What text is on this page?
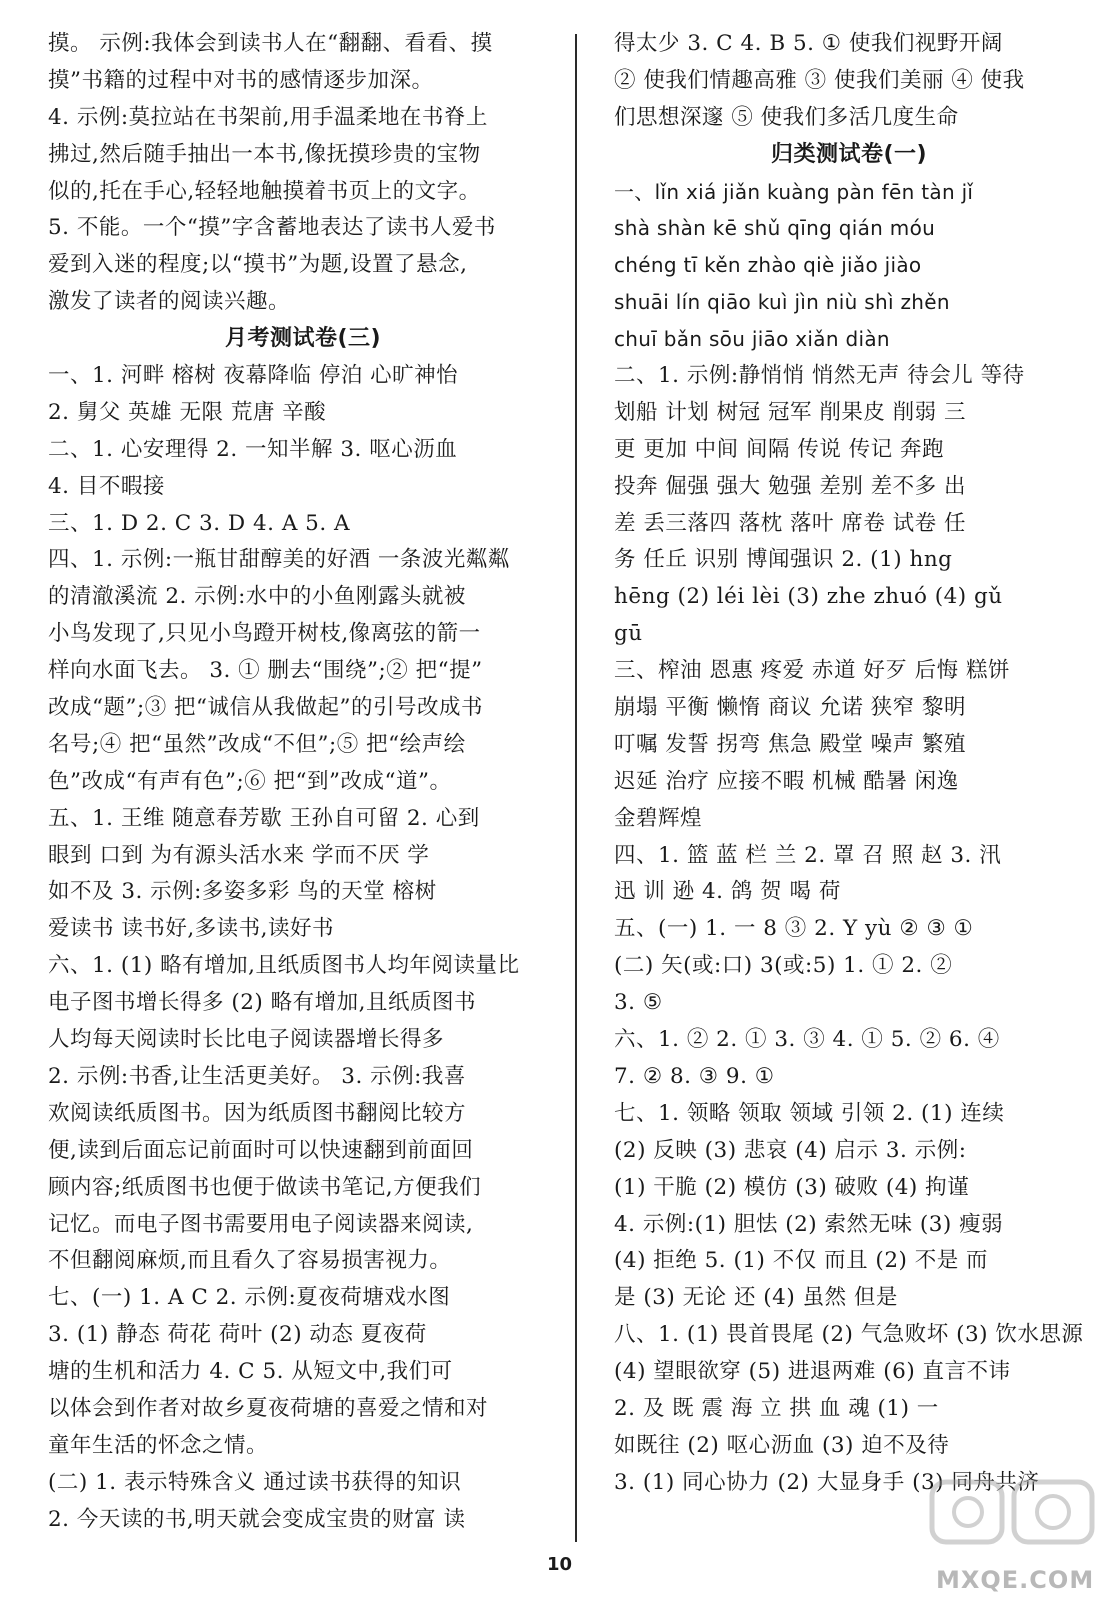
摸。 示例:我体会到读书人在“翻翻、看看、摸
摸”书籍的过程中对书的感情逐步加深。
4. 示例:莫拉站在书架前,用手温柔地在书脊上
拂过,然后随手抽出一本书,像抚摸珍贵的宝物
似的,托在手心,轻轻地触摸着书页上的文字。
5. 不能。一个“摸”字含蓄地表达了读书人爱书
爱到入迷的程度;以“摸书”为题,设置了悬念,
激发了读者的阅读兴趣。
月考测试卷(三)
一、1. 河畔 榕树 夜幕降临 停泊 心旷神怡
2. 舅父 英雄 无限 荒唐 辛酸
二、1. 心安理得 2. 一知半解 3. 呕心沥血
4. 目不暇接
三、1. D 2. C 3. D 4. A 5. A
四、1. 示例:一瓶甘甜醇美的好酒 一条波光粼粼
的清澈溪流 2. 示例:水中的小鱼刚露头就被
小鸟发现了,只见小鸟蹬开树枝,像离弦的箭一
样向水面飞去。 3. ① 删去“围绕”;② 把“提”
改成“题”;③ 把“诚信从我做起”的引号改成书
名号;④ 把“虽然”改成“不但”;⑤ 把“绘声绘
色”改成“有声有色”;⑥ 把“到”改成“道”。
五、1. 王维 随意春芳歇 王孙自可留 2. 心到
眼到 口到 为有源头活水来 学而不厌 学
如不及 3. 示例:多姿多彩 鸟的天堂 榕树
爱读书 读书好,多读书,读好书
六、1. (1) 略有增加,且纸质图书人均年阅读量比
电子图书增长得多 (2) 略有增加,且纸质图书
人均每天阅读时长比电子阅读器增长得多
2. 示例:书香,让生活更美好。 3. 示例:我喜
欢阅读纸质图书。因为纸质图书翻阅比较方
便,读到后面忘记前面时可以快速翻到前面回
顾内容;纸质图书也便于做读书笔记,方便我们
记忆。而电子图书需要用电子阅读器来阅读,
不但翻阅麻烦,而且看久了容易损害视力。
七、(一) 1. A C 2. 示例:夏夜荷塘戏水图
3. (1) 静态 荷花 荷叶 (2) 动态 夏夜荷
塘的生机和活力 4. C 5. 从短文中,我们可
以体会到作者对故乡夏夜荷塘的喜爱之情和对
童年生活的怀念之情。
(二) 1. 表示特殊含义 通过读书获得的知识
2. 今天读的书,明天就会变成宝贵的财富 读
得太少 3. C 4. B 5. ① 使我们视野开阔
② 使我们情趣高雅 ③ 使我们美丽 ④ 使我
们思想深邃 ⑤ 使我们多活几度生命
归类测试卷(一)
一、lǐn xiá jiǎn kuàng pàn fēn tàn jǐ
shà shàn kē shǔ qīng qián móu
chéng tī kěn zhào qiè jiǎo jiào
shuāi lín qiāo kuì jìn niù shì zhěn
chuī bǎn sōu jiāo xiǎn diàn
二、1. 示例:静悄悄 悄然无声 待会儿 等待
划船 计划 树冠 冠军 削果皮 削弱 三
更 更加 中间 间隔 传说 传记 奔跑
投奔 倔强 强大 勉强 差别 差不多 出
差 丢三落四 落枕 落叶 席卷 试卷 任
务 任丘 识别 博闻强识 2. (1) hng
hēng (2) léi lèi (3) zhe zhuó (4) gǔ
gū
三、榨油 恩惠 疼爱 赤道 好歹 后悔 糕饼
崩塌 平衡 懒惰 商议 允诺 狭窄 黎明
叮嘱 发誓 拐弯 焦急 殿堂 噪声 繁殖
迟延 治疗 应接不暇 机械 酷暑 闲逸
金碧辉煌
四、1. 篮 蓝 栏 兰 2. 罩 召 照 赵 3. 汛
迅 训 逊 4. 鸽 贺 喝 荷
五、(一) 1. 一 8 ③ 2. Y yù ② ③ ①
(二) 矢(或:口) 3(或:5) 1. ① 2. ②
3. ⑤
六、1. ② 2. ① 3. ③ 4. ① 5. ② 6. ④
7. ② 8. ③ 9. ①
七、1. 领略 领取 领域 引领 2. (1) 连续
(2) 反映 (3) 悲哀 (4) 启示 3. 示例:
(1) 干脆 (2) 模仿 (3) 破败 (4) 拘谨
4. 示例:(1) 胆怯 (2) 索然无味 (3) 瘦弱
(4) 拒绝 5. (1) 不仅 而且 (2) 不是 而
是 (3) 无论 还 (4) 虽然 但是
八、1. (1) 畏首畏尾 (2) 气急败坏 (3) 饮水思源
(4) 望眼欲穿 (5) 进退两难 (6) 直言不讳
2. 及 既 震 海 立 拱 血 魂 (1) 一
如既往 (2) 呕心沥血 (3) 迫不及待
3. (1) 同心协力 (2) 大显身手 (3) 同舟共济
10
MXQE.COM
